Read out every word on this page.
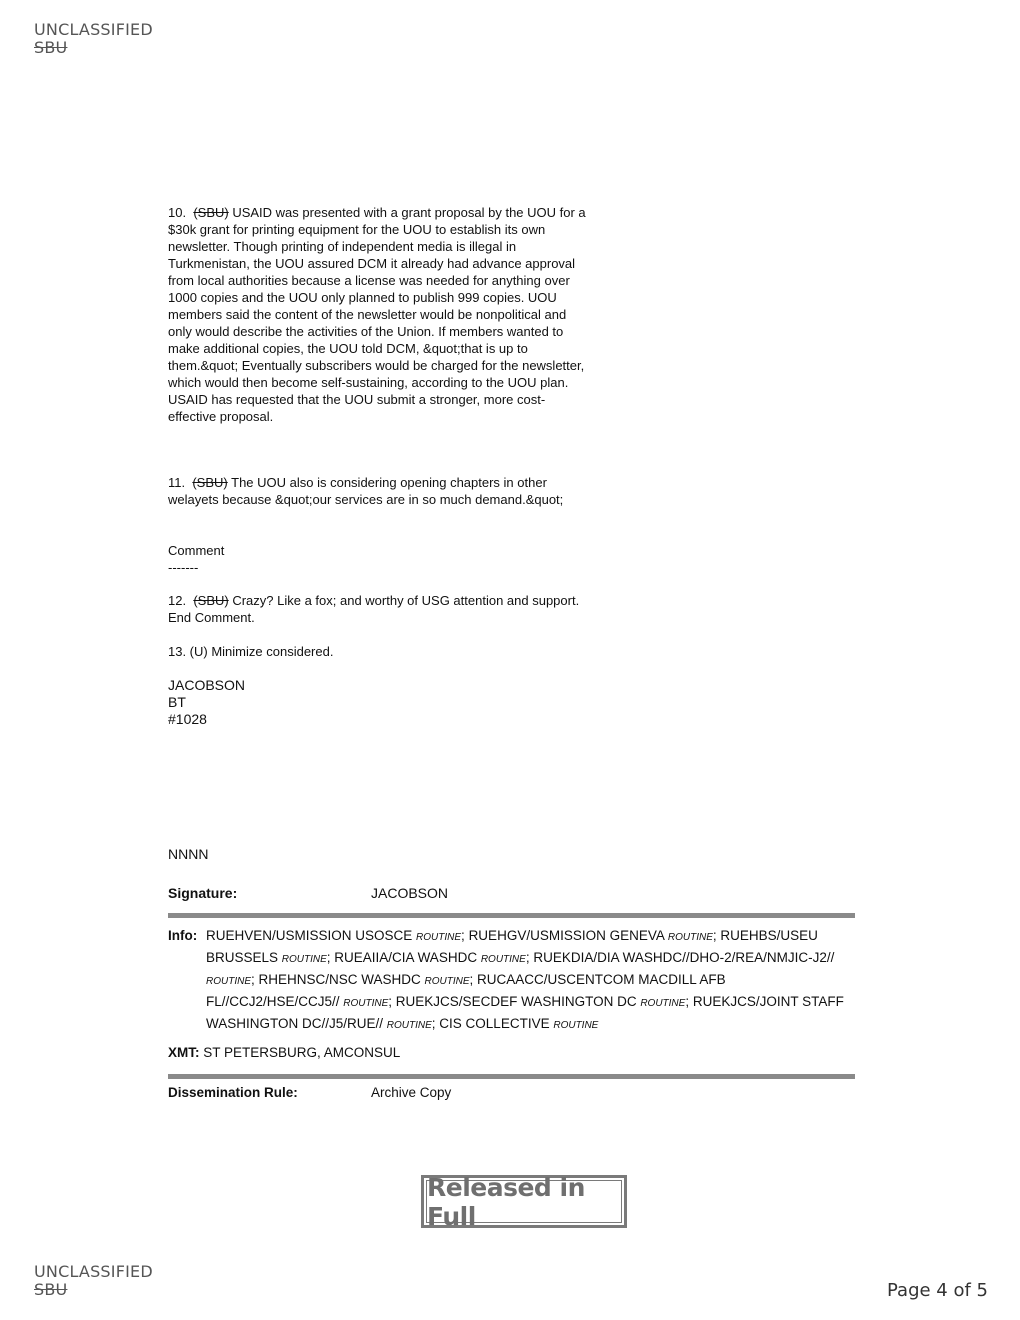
UNCLASSIFIED
SBU

10. (SBU) USAID was presented with a grant proposal by the UOU for a $30k grant for printing equipment for the UOU to establish its own newsletter. Though printing of independent media is illegal in Turkmenistan, the UOU assured DCM it already had advance approval from local authorities because a license was needed for anything over 1000 copies and the UOU only planned to publish 999 copies. UOU members said the content of the newsletter would be nonpolitical and only would describe the activities of the Union. If members wanted to make additional copies, the UOU told DCM, &quot;that is up to them.&quot; Eventually subscribers would be charged for the newsletter, which would then become self-sustaining, according to the UOU plan. USAID has requested that the UOU submit a stronger, more cost-effective proposal.

11. (SBU) The UOU also is considering opening chapters in other welayets because &quot;our services are in so much demand.&quot;

Comment
-------

12. (SBU) Crazy? Like a fox; and worthy of USG attention and support. End Comment.

13. (U) Minimize considered.

JACOBSON
BT
#1028
NNNN
Signature:	JACOBSON
Info: RUEHVEN/USMISSION USOSCE ROUTINE; RUEHGV/USMISSION GENEVA ROUTINE; RUEHBS/USEU BRUSSELS ROUTINE; RUEAIIA/CIA WASHDC ROUTINE; RUEKDIA/DIA WASHDC//DHO-2/REA/NMJIC-J2// ROUTINE; RHEHNSC/NSC WASHDC ROUTINE; RUCAACC/USCENTCOM MACDILL AFB FL//CCJ2/HSE/CCJ5// ROUTINE; RUEKJCS/SECDEF WASHINGTON DC ROUTINE; RUEKJCS/JOINT STAFF WASHINGTON DC//J5/RUE// ROUTINE; CIS COLLECTIVE ROUTINE
XMT: ST PETERSBURG, AMCONSUL
Dissemination Rule:	Archive Copy
Released in Full
UNCLASSIFIED
SBU	Page 4 of 5
